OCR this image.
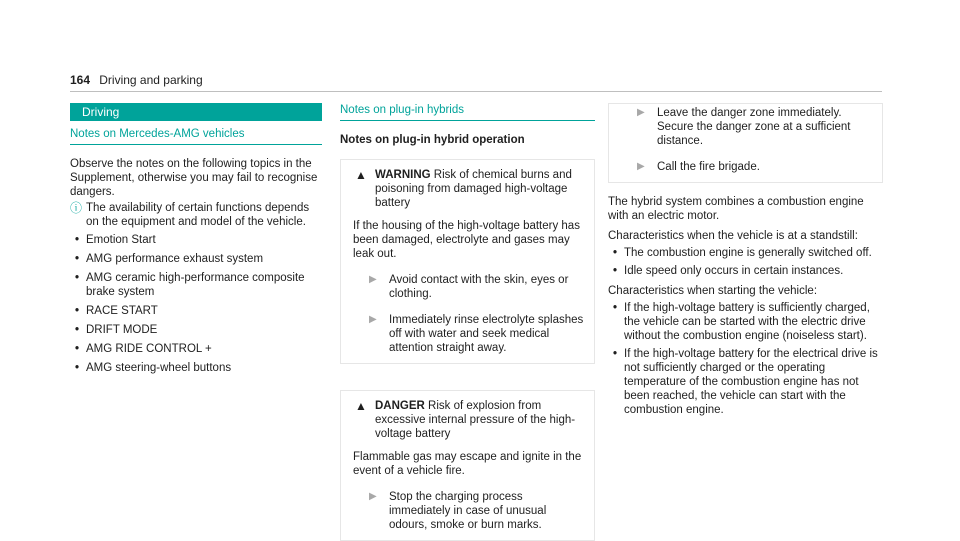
164 Driving and parking
Driving
Notes on Mercedes-AMG vehicles

Observe the notes on the following topics in the Supplement, otherwise you may fail to recognise dangers.

ⓘ The availability of certain functions depends on the equipment and model of the vehicle.
• Emotion Start
• AMG performance exhaust system
• AMG ceramic high-performance composite brake system
• RACE START
• DRIFT MODE
• AMG RIDE CONTROL +
• AMG steering-wheel buttons
Notes on plug-in hybrids
Notes on plug-in hybrid operation
▲ WARNING Risk of chemical burns and poisoning from damaged high-voltage battery

If the housing of the high-voltage battery has been damaged, electrolyte and gases may leak out.

▶	Avoid contact with the skin, eyes or clothing.
▶	Immediately rinse electrolyte splashes off with water and seek medical attention straight away.
▲ DANGER Risk of explosion from excessive internal pressure of the high-voltage battery

Flammable gas may escape and ignite in the event of a vehicle fire.

▶	Stop the charging process immediately in case of unusual odours, smoke or burn marks.
▶	Leave the danger zone immediately. Secure the danger zone at a sufficient distance.
▶	Call the fire brigade.

The hybrid system combines a combustion engine with an electric motor.

Characteristics when the vehicle is at a standstill:

• The combustion engine is generally switched off.
• Idle speed only occurs in certain instances.

Characteristics when starting the vehicle:

• If the high-voltage battery is sufficiently charged, the vehicle can be started with the electric drive without the combustion engine (noiseless start).
• If the high-voltage battery for the electrical drive is not sufficiently charged or the operating temperature of the combustion engine has not been reached, the vehicle can start with the combustion engine.
